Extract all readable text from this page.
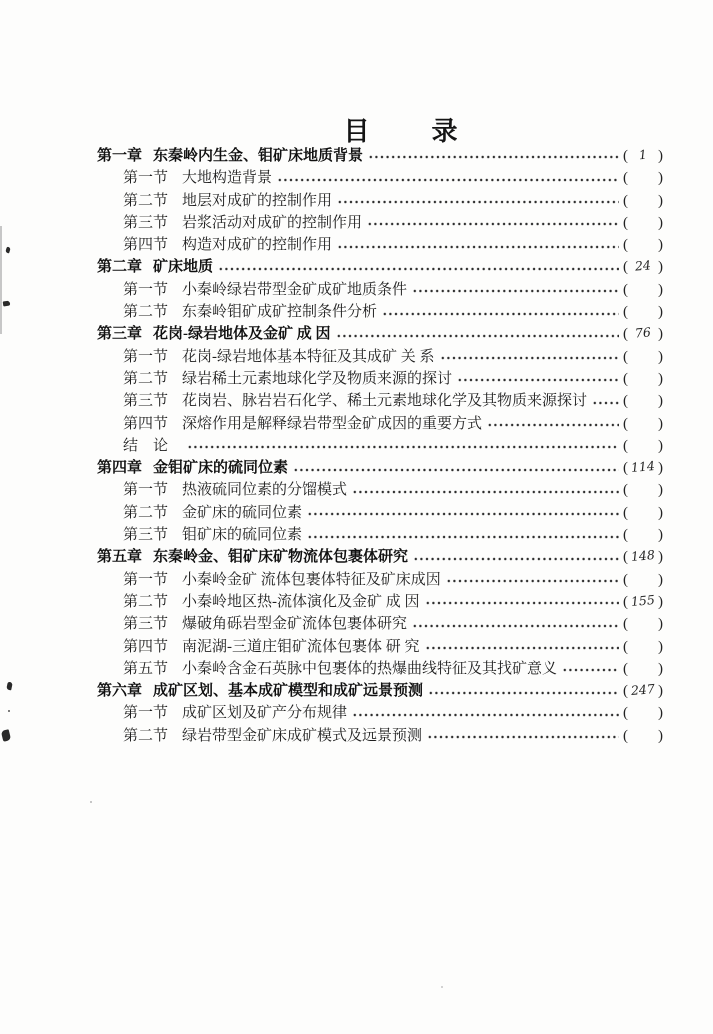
目录
第一章 东秦岭内生金、钼矿床地质背景	( 1 )
第一节 大地构造背景	( )
第二节 地层对成矿的控制作用	( )
第三节 岩浆活动对成矿的控制作用	( )
第四节 构造对成矿的控制作用	( )
第二章 矿床地质	( 24 )
第一节 小秦岭绿岩带型金矿成矿地质条件	( )
第二节 东秦岭钼矿成矿控制条件分析	( )
第三章 花岗-绿岩地体及金矿 成 因	( 76 )
第一节 花岗-绿岩地体基本特征及其成矿 关 系	( )
第二节 绿岩稀土元素地球化学及物质来源的探讨	( )
第三节 花岗岩、脉岩岩石化学、稀土元素地球化学及其物质来源探讨 ( )
第四节 深熔作用是解释绿岩带型金矿成因的重要方式	( )
结　论	( )
第四章 金钼矿床的硫同位素	( 114 )
第一节 热液硫同位素的分馏模式	( )
第二节 金矿床的硫同位素	( )
第三节 钼矿床的硫同位素	( )
第五章 东秦岭金、钼矿床矿物流体包裹体研究	( 148 )
第一节 小秦岭金矿 流体包裹体特征及矿床成因	( )
第二节 小秦岭地区热-流体演化及金矿 成 因	( 155 )
第三节 爆破角砾岩型金矿流体包裹体研究	( )
第四节 南泥湖-三道庄钼矿流体包裹体 研 究	( )
第五节 小秦岭含金石英脉中包裹体的热爆曲线特征及其找矿意义	( )
第六章 成矿区划、基本成矿模型和成矿远景预测	( 247 )
第一节 成矿区划及矿产分布规律	( )
第二节 绿岩带型金矿床成矿模式及远景预测	( )
